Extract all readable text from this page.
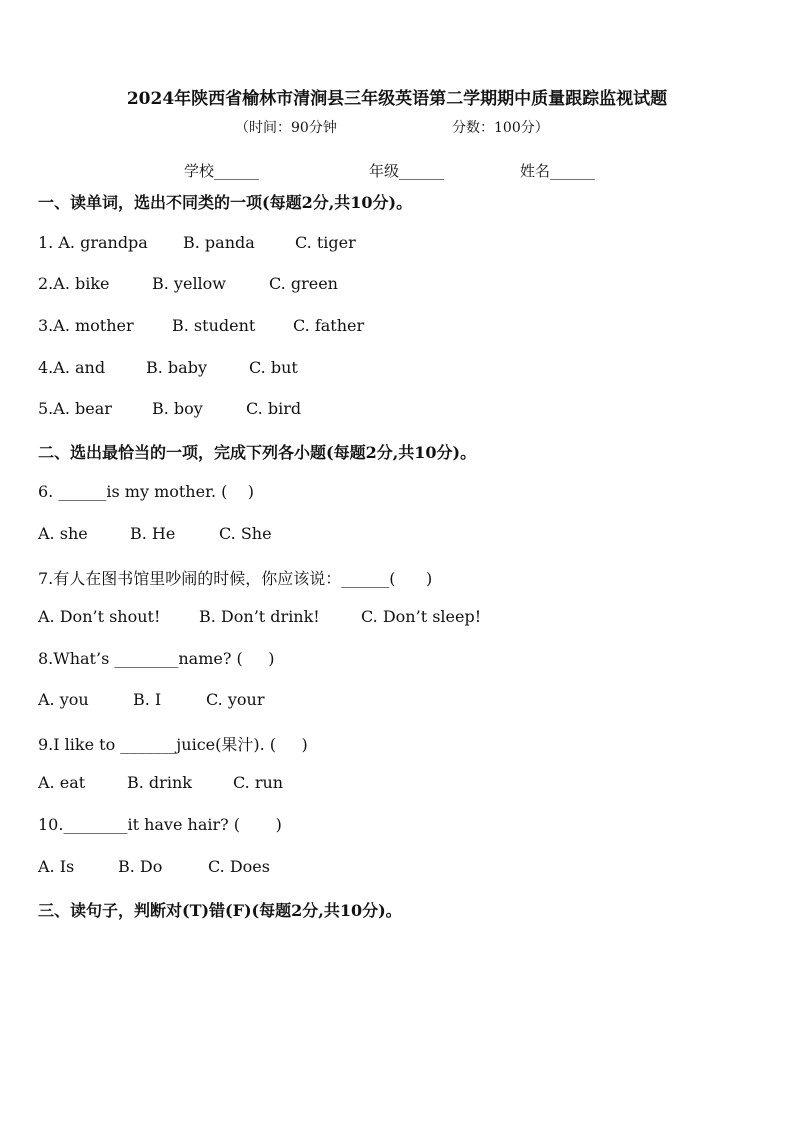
2024年陕西省榆林市清涧县三年级英语第二学期期中质量跟踪监视试题
（时间：90分钟	分数：100分）
学校______	年级______	姓名______
一、读单词，选出不同类的一项(每题2分,共10分)。
1. A. grandpa B. panda	C. tiger
2.A. bike	B. yellow	C. green
3.A. mother B. student C. father
4.A. and	B. baby	C. but
5.A. bear	B. boy	C. bird
二、选出最恰当的一项，完成下列各小题(每题2分,共10分)。
6. ______is my mother. (    )
A. she	B. He	C. She
7.有人在图书馆里吵闹的时候，你应该说：______(      )
A. Don’t shout! B. Don’t drink!	C. Don’t sleep!
8.What’s ________name? (     )
A. you	B. I	C. your
9.I like to _______juice(果汁). (     )
A. eat	B. drink	C. run
10.________it have hair? (       )
A. Is	B. Do	C. Does
三、读句子，判断对(T)错(F)(每题2分,共10分)。
